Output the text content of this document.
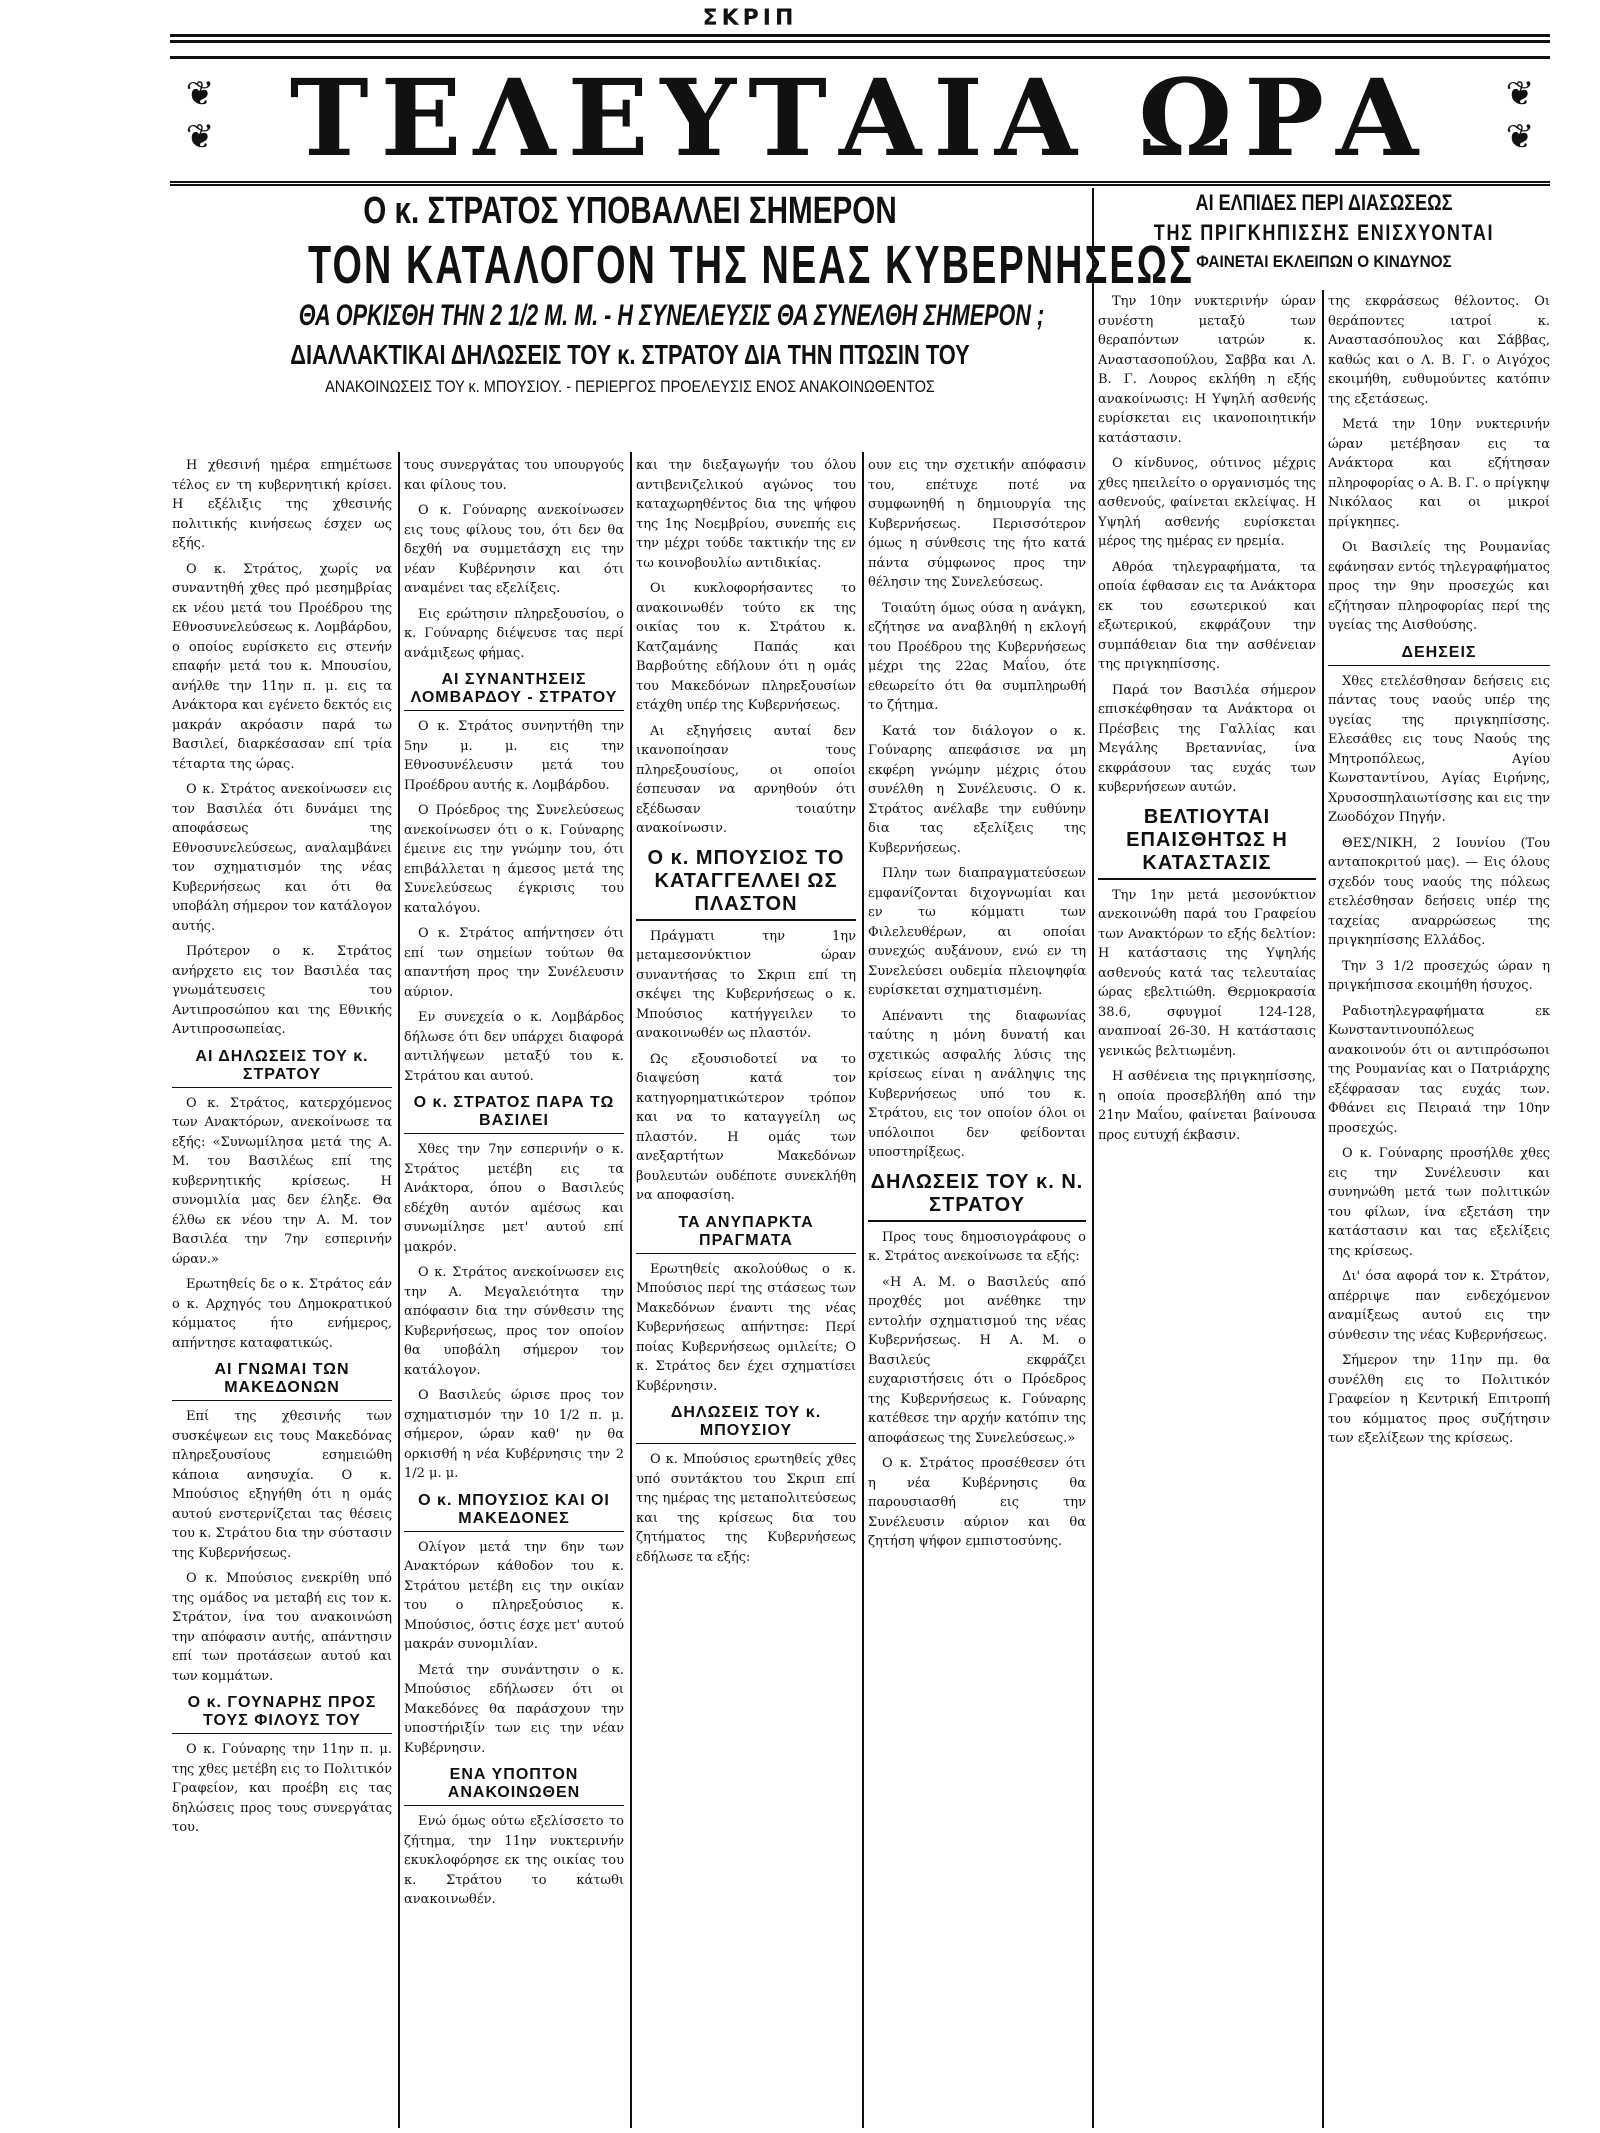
ΣΚΡΙΠ
❦
❦ ΤΕΛΕΥΤΑΙΑ ΩΡΑ	❦
❦
Ο κ. ΣΤΡΑΤΟΣ ΥΠΟΒΑΛΛΕΙ ΣΗΜΕΡΟΝ
ΤΟΝ ΚΑΤΑΛΟΓΟΝ ΤΗΣ ΝΕΑΣ ΚΥΒΕΡΝΗΣΕΩΣ
ΘΑ ΟΡΚΙΣΘΗ ΤΗΝ 2 1/2 Μ. Μ. - Η ΣΥΝΕΛΕΥΣΙΣ ΘΑ ΣΥΝΕΛΘΗ ΣΗΜΕΡΟΝ ;
ΔΙΑΛΛΑΚΤΙΚΑΙ ΔΗΛΩΣΕΙΣ ΤΟΥ κ. ΣΤΡΑΤΟΥ ΔΙΑ ΤΗΝ ΠΤΩΣΙΝ ΤΟΥ
ΑΝΑΚΟΙΝΩΣΕΙΣ ΤΟΥ κ. ΜΠΟΥΣΙΟΥ. - ΠΕΡΙΕΡΓΟΣ ΠΡΟΕΛΕΥΣΙΣ ΕΝΟΣ ΑΝΑΚΟΙΝΩΘΕΝΤΟΣ
ΑΙ ΕΛΠΙΔΕΣ ΠΕΡΙ ΔΙΑΣΩΣΕΩΣ
ΤΗΣ ΠΡΙΓΚΗΠΙΣΣΗΣ ΕΝΙΣΧΥΟΝΤΑΙ
ΦΑΙΝΕΤΑΙ ΕΚΛΕΙΠΩΝ Ο ΚΙΝΔΥΝΟΣ

Η χθεσινή ημέρα επημέτωσε τέλος εν τη κυβερνητική κρίσει. Η εξέλιξις της χθεσινής πολιτικής κινήσεως έσχεν ως εξής.

Ο κ. Στράτος, χωρίς να συναντηθή χθες πρό μεσημβρίας εκ νέου μετά του Προέδρου της Εθνοσυνελεύσεως κ. Λομβάρδου, ο οποίος ευρίσκετο εις στενήν επαφήν μετά του κ. Μπουσίου, ανήλθε την 11ην π. μ. εις τα Ανάκτορα και εγένετο δεκτός εις μακράν ακρόασιν παρά τω Βασιλεί, διαρκέσασαν επί τρία τέταρτα της ώρας.

Ο κ. Στράτος ανεκοίνωσεν εις τον Βασιλέα ότι δυνάμει της αποφάσεως της Εθνοσυνελεύσεως, αναλαμβάνει τον σχηματισμόν της νέας Κυβερνήσεως και ότι θα υποβάλη σήμερον τον κατάλογον αυτής.

Πρότερον ο κ. Στράτος ανήρχετο εις τον Βασιλέα τας γνωμάτευσεις του Αντιπροσώπου και της Εθνικής Αντιπροσωπείας.

ΑΙ ΔΗΛΩΣΕΙΣ ΤΟΥ κ. ΣΤΡΑΤΟΥ

Ο κ. Στράτος, κατερχόμενος των Ανακτόρων, ανεκοίνωσε τα εξής: «Συνωμίλησα μετά της Α. Μ. του Βασιλέως επί της κυβερνητικής κρίσεως. Η συνομιλία μας δεν έληξε. Θα έλθω εκ νέου την Α. Μ. τον Βασιλέα την 7ην εσπερινήν ώραν.»

Ερωτηθείς δε ο κ. Στράτος εάν ο κ. Αρχηγός του Δημοκρατικού κόμματος ήτο ενήμερος, απήντησε καταφατικώς.

ΑΙ ΓΝΩΜΑΙ ΤΩΝ ΜΑΚΕΔΟΝΩΝ

Επί της χθεσινής των συσκέψεων εις τους Μακεδόνας πληρεξουσίους εσημειώθη κάποια ανησυχία. Ο κ. Μπούσιος εξηγήθη ότι η ομάς αυτού ενστερνίζεται τας θέσεις του κ. Στράτου δια την σύστασιν της Κυβερνήσεως.

Ο κ. Μπούσιος ενεκρίθη υπό της ομάδος να μεταβή εις τον κ. Στράτον, ίνα του ανακοινώση την απόφασιν αυτής, απάντησιν επί των προτάσεων αυτού και των κομμάτων.

Ο κ. ΓΟΥΝΑΡΗΣ ΠΡΟΣ ΤΟΥΣ ΦΙΛΟΥΣ ΤΟΥ

Ο κ. Γούναρης την 11ην π. μ. της χθες μετέβη εις το Πολιτικόν Γραφείον, και προέβη εις τας δηλώσεις προς τους συνεργάτας του.

τους συνεργάτας του υπουργούς και φίλους του.

Ο κ. Γούναρης ανεκοίνωσεν εις τους φίλους του, ότι δεν θα δεχθή να συμμετάσχη εις την νέαν Κυβέρνησιν και ότι αναμένει τας εξελίξεις.

Εις ερώτησιν πληρεξουσίου, ο κ. Γούναρης διέψευσε τας περί ανάμιξεως φήμας.

ΑΙ ΣΥΝΑΝΤΗΣΕΙΣ ΛΟΜΒΑΡΔΟΥ - ΣΤΡΑΤΟΥ

Ο κ. Στράτος συνηντήθη την 5ην μ. μ. εις την Εθνοσυνέλευσιν μετά του Προέδρου αυτής κ. Λομβάρδου.

Ο Πρόεδρος της Συνελεύσεως ανεκοίνωσεν ότι ο κ. Γούναρης έμεινε εις την γνώμην του, ότι επιβάλλεται η άμεσος μετά της Συνελεύσεως έγκρισις του καταλόγου.

Ο κ. Στράτος απήντησεν ότι επί των σημείων τούτων θα απαντήση προς την Συνέλευσιν αύριον.

Εν συνεχεία ο κ. Λομβάρδος δήλωσε ότι δεν υπάρχει διαφορά αντιλήψεων μεταξύ του κ. Στράτου και αυτού.

Ο κ. ΣΤΡΑΤΟΣ ΠΑΡΑ ΤΩ ΒΑΣΙΛΕΙ

Χθες την 7ην εσπερινήν ο κ. Στράτος μετέβη εις τα Ανάκτορα, όπου ο Βασιλεύς εδέχθη αυτόν αμέσως και συνωμίλησε μετ' αυτού επί μακρόν.

Ο κ. Στράτος ανεκοίνωσεν εις την Α. Μεγαλειότητα την απόφασιν δια την σύνθεσιν της Κυβερνήσεως, προς τον οποίον θα υποβάλη σήμερον τον κατάλογον.

Ο Βασιλεύς ώρισε προς τον σχηματισμόν την 10 1/2 π. μ. σήμερον, ώραν καθ' ην θα ορκισθή η νέα Κυβέρνησις την 2 1/2 μ. μ.

Ο κ. ΜΠΟΥΣΙΟΣ ΚΑΙ ΟΙ ΜΑΚΕΔΟΝΕΣ

Ολίγον μετά την 6ην των Ανακτόρων κάθοδον του κ. Στράτου μετέβη εις την οικίαν του ο πληρεξούσιος κ. Μπούσιος, όστις έσχε μετ' αυτού μακράν συνομιλίαν.

Μετά την συνάντησιν ο κ. Μπούσιος εδήλωσεν ότι οι Μακεδόνες θα παράσχουν την υποστήριξίν των εις την νέαν Κυβέρνησιν.

ΕΝΑ ΥΠΟΠΤΟΝ ΑΝΑΚΟΙΝΩΘΕΝ

Ενώ όμως ούτω εξελίσσετο το ζήτημα, την 11ην νυκτερινήν εκυκλοφόρησε εκ της οικίας του κ. Στράτου το κάτωθι ανακοινωθέν.

και την διεξαγωγήν του όλου αντιβενιζελικού αγώνος του καταχωρηθέντος δια της ψήφου της 1ης Νοεμβρίου, συνεπής εις την μέχρι τούδε τακτικήν της εν τω κοινοβουλίω αντιδικίας.

Οι κυκλοφορήσαντες το ανακοινωθέν τούτο εκ της οικίας του κ. Στράτου κ. Κατζαμάνης Παπάς και Βαρβούτης εδήλουν ότι η ομάς του Μακεδόνων πληρεξουσίων ετάχθη υπέρ της Κυβερνήσεως.

Αι εξηγήσεις αυταί δεν ικανοποίησαν τους πληρεξουσίους, οι οποίοι έσπευσαν να αρνηθούν ότι εξέδωσαν τοιαύτην ανακοίνωσιν.

Ο κ. ΜΠΟΥΣΙΟΣ ΤΟ ΚΑΤΑΓΓΕΛΛΕΙ ΩΣ ΠΛΑΣΤΟΝ

Πράγματι την 1ην μεταμεσονύκτιον ώραν συναντήσας το Σκριπ επί τη σκέψει της Κυβερνήσεως ο κ. Μπούσιος κατήγγειλεν το ανακοινωθέν ως πλαστόν.

Ως εξουσιοδοτεί να το διαψεύση κατά τον κατηγορηματικώτερον τρόπον και να το καταγγείλη ως πλαστόν. Η ομάς των ανεξαρτήτων Μακεδόνων βουλευτών ουδέποτε συνεκλήθη να αποφασίση.

ΤΑ ΑΝΥΠΑΡΚΤΑ ΠΡΑΓΜΑΤΑ

Ερωτηθείς ακολούθως ο κ. Μπούσιος περί της στάσεως των Μακεδόνων έναντι της νέας Κυβερνήσεως απήντησε: Περί ποίας Κυβερνήσεως ομιλείτε; Ο κ. Στράτος δεν έχει σχηματίσει Κυβέρνησιν.

ΔΗΛΩΣΕΙΣ ΤΟΥ κ. ΜΠΟΥΣΙΟΥ

Ο κ. Μπούσιος ερωτηθείς χθες υπό συντάκτου του Σκριπ επί της ημέρας της μεταπολιτεύσεως και της κρίσεως δια του ζητήματος της Κυβερνήσεως εδήλωσε τα εξής:

ουν εις την σχετικήν απόφασιν του, επέτυχε ποτέ να συμφωνηθή η δημιουργία της Κυβερνήσεως. Περισσότερον όμως η σύνθεσις της ήτο κατά πάντα σύμφωνος προς την θέλησιν της Συνελεύσεως.

Τοιαύτη όμως ούσα η ανάγκη, εζήτησε να αναβληθή η εκλογή του Προέδρου της Κυβερνήσεως μέχρι της 22ας Μαΐου, ότε εθεωρείτο ότι θα συμπληρωθή το ζήτημα.

Κατά τον διάλογον ο κ. Γούναρης απεφάσισε να μη εκφέρη γνώμην μέχρις ότου συνέλθη η Συνέλευσις. Ο κ. Στράτος ανέλαβε την ευθύνην δια τας εξελίξεις της Κυβερνήσεως.

Πλην των διαπραγματεύσεων εμφανίζονται διχογνωμίαι και εν τω κόμματι των Φιλελευθέρων, αι οποίαι συνεχώς αυξάνουν, ενώ εν τη Συνελεύσει ουδεμία πλειοψηφία ευρίσκεται σχηματισμένη.

Απέναντι της διαφωνίας ταύτης η μόνη δυνατή και σχετικώς ασφαλής λύσις της κρίσεως είναι η ανάληψις της Κυβερνήσεως υπό του κ. Στράτου, εις τον οποίον όλοι οι υπόλοιποι δεν φείδονται υποστηρίξεως.

ΔΗΛΩΣΕΙΣ ΤΟΥ κ. Ν. ΣΤΡΑΤΟΥ

Προς τους δημοσιογράφους ο κ. Στράτος ανεκοίνωσε τα εξής:

«Η Α. Μ. ο Βασιλεύς από προχθές μοι ανέθηκε την εντολήν σχηματισμού της νέας Κυβερνήσεως. Η Α. Μ. ο Βασιλεύς εκφράζει ευχαριστήσεις ότι ο Πρόεδρος της Κυβερνήσεως κ. Γούναρης κατέθεσε την αρχήν κατόπιν της αποφάσεως της Συνελεύσεως.»

Ο κ. Στράτος προσέθεσεν ότι η νέα Κυβέρνησις θα παρουσιασθή εις την Συνέλευσιν αύριον και θα ζητήση ψήφον εμπιστοσύνης.

Την 10ην νυκτερινήν ώραν συνέστη μεταξύ των θεραπόντων ιατρών κ. Αναστασοπούλου, Σαββα και Λ. Β. Γ. Λουρος εκλήθη η εξής ανακοίνωσις: Η Υψηλή ασθενής ευρίσκεται εις ικανοποιητικήν κατάστασιν.

Ο κίνδυνος, ούτινος μέχρις χθες ηπειλείτο ο οργανισμός της ασθενούς, φαίνεται εκλείψας. Η Υψηλή ασθενής ευρίσκεται μέρος της ημέρας εν ηρεμία.

Αθρόα τηλεγραφήματα, τα οποία έφθασαν εις τα Ανάκτορα εκ του εσωτερικού και εξωτερικού, εκφράζουν την συμπάθειαν δια την ασθένειαν της πριγκηπίσσης.

Παρά τον Βασιλέα σήμερον επισκέφθησαν τα Ανάκτορα οι Πρέσβεις της Γαλλίας και Μεγάλης Βρεταννίας, ίνα εκφράσουν τας ευχάς των κυβερνήσεων αυτών.

ΒΕΛΤΙΟΥΤΑΙ ΕΠΑΙΣΘΗΤΩΣ Η ΚΑΤΑΣΤΑΣΙΣ

Την 1ην μετά μεσονύκτιον ανεκοινώθη παρά του Γραφείου των Ανακτόρων το εξής δελτίον: Η κατάστασις της Υψηλής ασθενούς κατά τας τελευταίας ώρας εβελτιώθη. Θερμοκρασία 38.6, σφυγμοί 124-128, αναπνοαί 26-30. Η κατάστασις γενικώς βελτιωμένη.

Η ασθένεια της πριγκηπίσσης, η οποία προσεβλήθη από την 21ην Μαΐου, φαίνεται βαίνουσα προς ευτυχή έκβασιν.

της εκφράσεως θέλοντος. Οι θεράποντες ιατροί κ. Αναστασόπουλος και Σάββας, καθώς και ο Λ. Β. Γ. ο Αιγόχος εκοιμήθη, ευθυμούντες κατόπιν της εξετάσεως.

Μετά την 10ην νυκτερινήν ώραν μετέβησαν εις τα Ανάκτορα και εζήτησαν πληροφορίας ο Α. Β. Γ. ο πρίγκηψ Νικόλαος και οι μικροί πρίγκηπες.

Οι Βασιλείς της Ρουμανίας εφάνησαν εντός τηλεγραφήματος προς την 9ην προσεχώς και εζήτησαν πληροφορίας περί της υγείας της Αισθούσης.

ΔΕΗΣΕΙΣ

Χθες ετελέσθησαν δεήσεις εις πάντας τους ναούς υπέρ της υγείας της πριγκηπίσσης. Ελεσάθες εις τους Ναούς της Μητροπόλεως, Αγίου Κωνσταντίνου, Αγίας Ειρήνης, Χρυσοσπηλαιωτίσσης και εις την Ζωοδόχον Πηγήν.

ΘΕΣ/ΝΙΚΗ, 2 Ιουνίου (Του ανταποκριτού μας). — Εις όλους σχεδόν τους ναούς της πόλεως ετελέσθησαν δεήσεις υπέρ της ταχείας αναρρώσεως της πριγκηπίσσης Ελλάδος.

Την 3 1/2 προσεχώς ώραν η πριγκήπισσα εκοιμήθη ήσυχος.

Ραδιοτηλεγραφήματα εκ Κωνσταντινουπόλεως ανακοινούν ότι οι αντιπρόσωποι της Ρουμανίας και ο Πατριάρχης εξέφρασαν τας ευχάς των. Φθάνει εις Πειραιά την 10ην προσεχώς.

Ο κ. Γούναρης προσήλθε χθες εις την Συνέλευσιν και συνηνώθη μετά των πολιτικών του φίλων, ίνα εξετάση την κατάστασιν και τας εξελίξεις της κρίσεως.

Δι' όσα αφορά τον κ. Στράτον, απέρριψε παν ενδεχόμενον αναμίξεως αυτού εις την σύνθεσιν της νέας Κυβερνήσεως.

Σήμερον την 11ην πμ. θα συνέλθη εις το Πολιτικόν Γραφείον η Κεντρική Επιτροπή του κόμματος προς συζήτησιν των εξελίξεων της κρίσεως.
